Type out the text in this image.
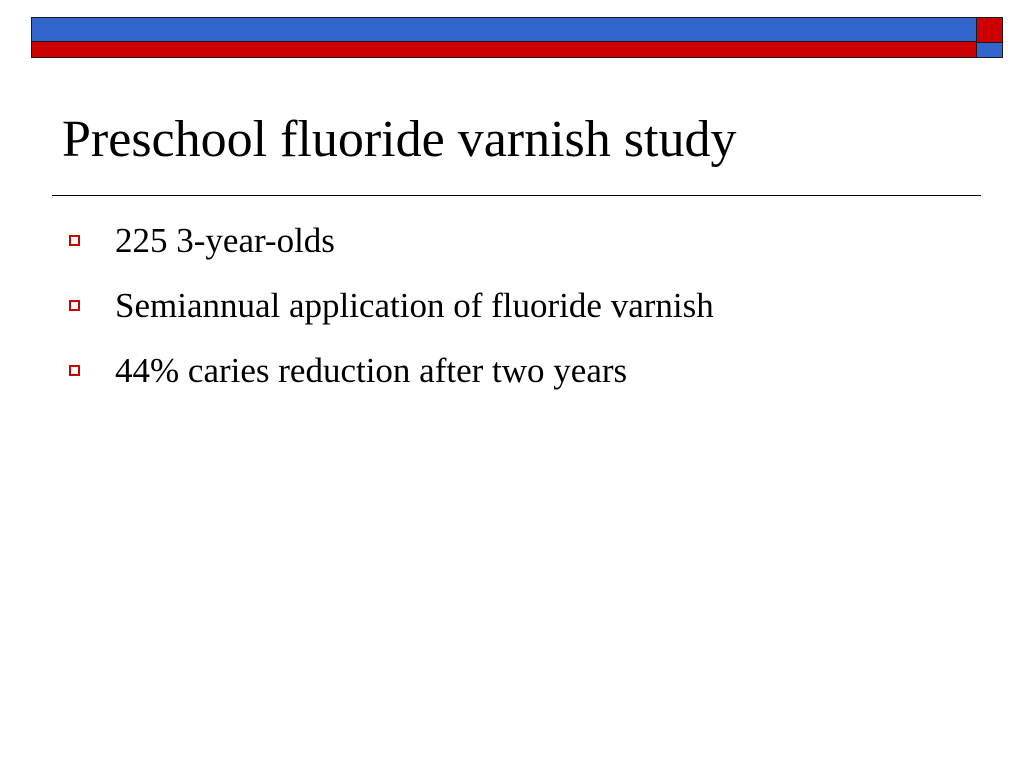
Preschool fluoride varnish study
225 3-year-olds
Semiannual application of fluoride varnish
44% caries reduction after two years
